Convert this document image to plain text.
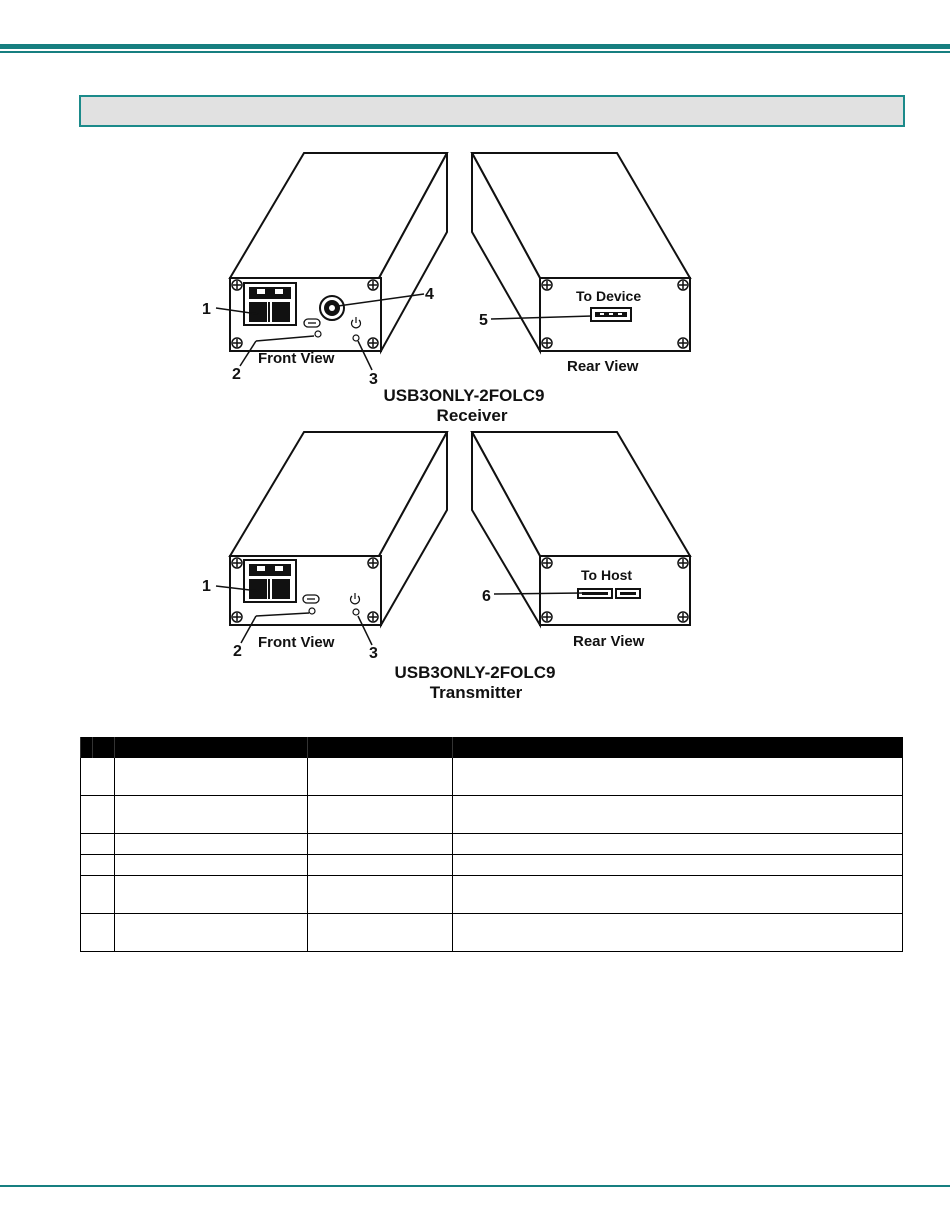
1
2	3
4
Front View
To Device
5
Rear View
USB3ONLY-2FOLC9
Receiver
1
2	3
Front View
To Host
6
Rear View
USB3ONLY-2FOLC9
Transmitter
